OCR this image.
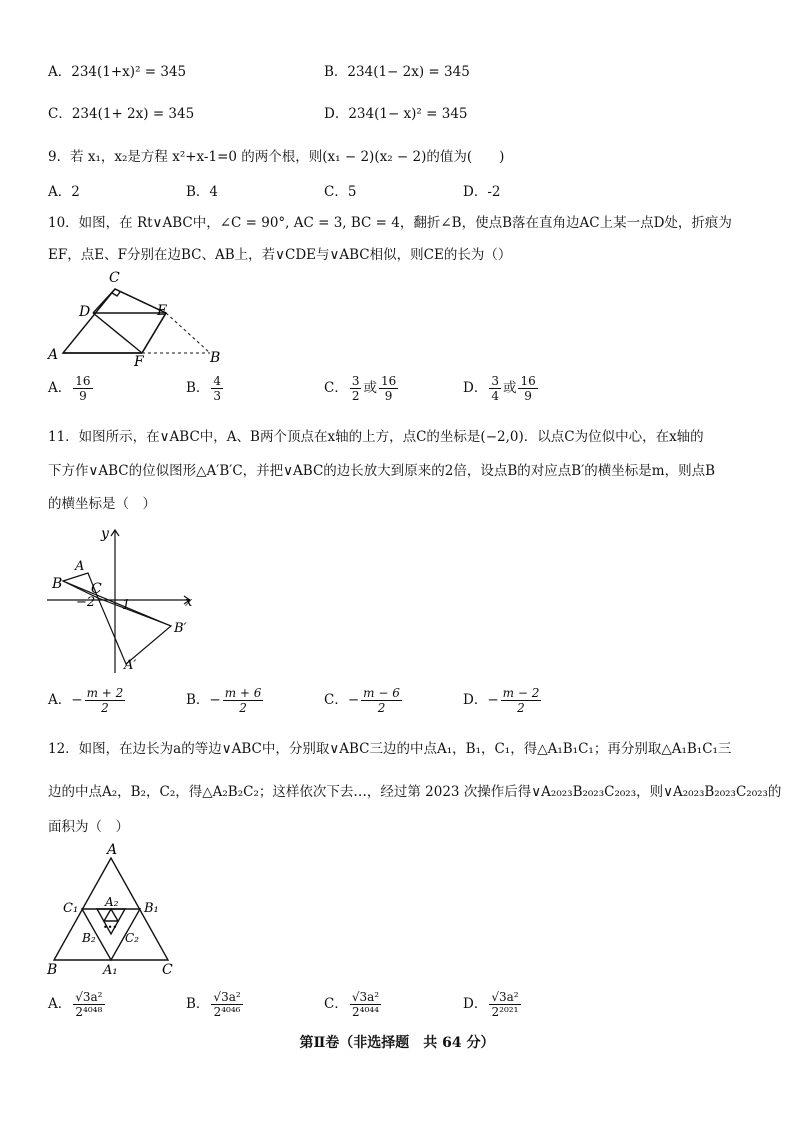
A．234(1+x)² = 345	B．234(1− 2x) = 345
C．234(1+ 2x) = 345	D．234(1− x)² = 345
9．若 x₁，x₂是方程 x²+x-1=0 的两个根，则(x₁ − 2)(x₂ − 2)的值为(　　)
A．2	B．4	C．5	D．-2
10．如图，在 Rt∨ABC中，∠C = 90°, AC = 3, BC = 4，翻折∠B，使点B落在直角边AC上某一点D处，折痕为
EF，点E、F分别在边BC、AB上，若∨CDE与∨ABC相似，则CE的长为（）
C
D	E
A	F	B
A． $\frac{16}{9}$	B． $\frac{4}{3}$	C． $\frac{3}{2}$ 或 $\frac{16}{9}$	D． $\frac{3}{4}$ 或 $\frac{16}{9}$
11．如图所示，在∨ABC中，A、B两个顶点在x轴的上方，点C的坐标是(−2,0)．以点C为位似中心，在x轴的
下方作∨ABC的位似图形△A′B′C，并把∨ABC的边长放大到原来的2倍，设点B的对应点B′的横坐标是m，则点B
的横坐标是（　）
y
x
A
B C
−2 1
B′
A′
A．− $\frac{m + 2}{2}$	B．− $\frac{m + 6}{2}$	C．− $\frac{m - 6}{2}$	D．− $\frac{m - 2}{2}$
12．如图，在边长为a的等边∨ABC中，分别取∨ABC三边的中点A₁，B₁，C₁，得△A₁B₁C₁；再分别取△A₁B₁C₁三
边的中点A₂，B₂，C₂，得△A₂B₂C₂；这样依次下去…，经过第 2023 次操作后得∨A₂₀₂₃B₂₀₂₃C₂₀₂₃，则∨A₂₀₂₃B₂₀₂₃C₂₀₂₃的
面积为（　）
A
B	C
C₁	B₁
A₁
A₂
B₂ C₂
•••
A． $\frac{\text{√3a²}}{\text{2⁴⁰⁴⁸}}$	B． $\frac{\text{√3a²}}{\text{2⁴⁰⁴⁶}}$	C． $\frac{\text{√3a²}}{\text{2⁴⁰⁴⁴}}$	D． $\frac{\text{√3a²}}{\text{2²⁰²¹}}$
第Ⅱ卷（非选择题　共 64 分）
